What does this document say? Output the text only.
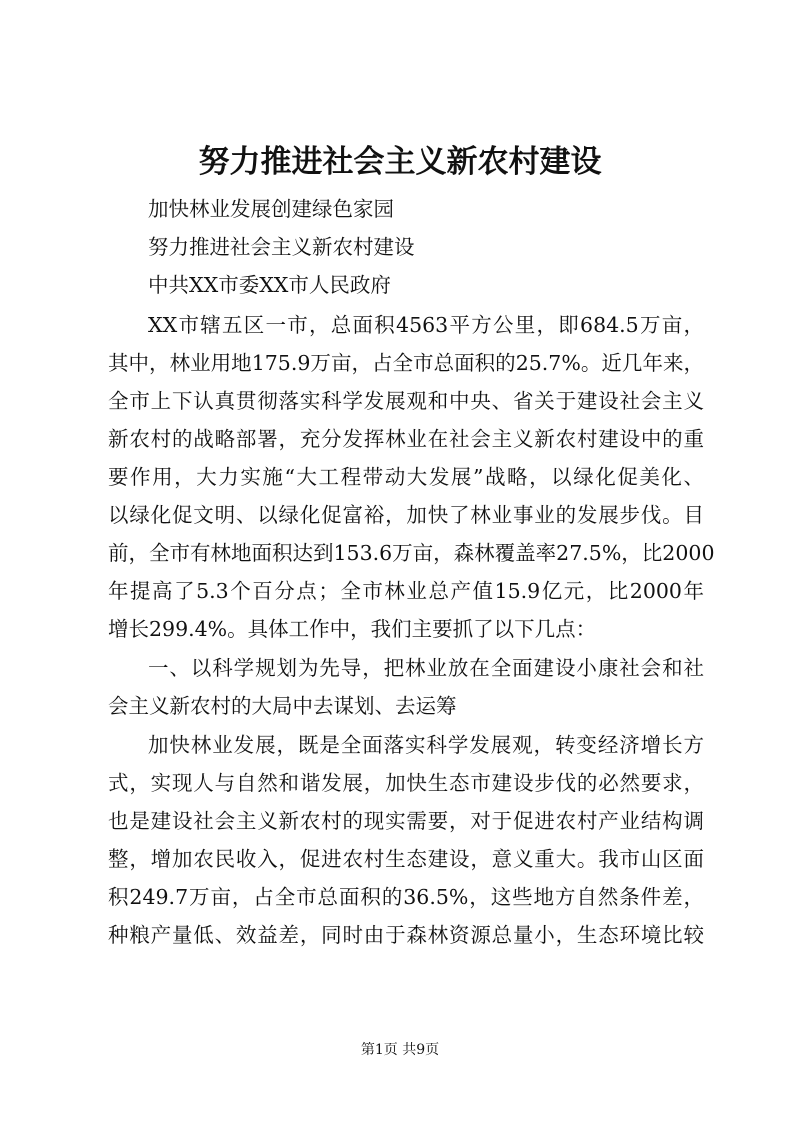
努力推进社会主义新农村建设

加快林业发展创建绿色家园

努力推进社会主义新农村建设

中共XX市委XX市人民政府

XX市辖五区一市，总面积4563平方公里，即684.5万亩，

其中，林业用地175.9万亩，占全市总面积的25.7%。近几年来，

全市上下认真贯彻落实科学发展观和中央、省关于建设社会主义

新农村的战略部署，充分发挥林业在社会主义新农村建设中的重

要作用，大力实施“大工程带动大发展”战略，以绿化促美化、

以绿化促文明、以绿化促富裕，加快了林业事业的发展步伐。目

前，全市有林地面积达到153.6万亩，森林覆盖率27.5%，比2000

年提高了5.3个百分点；全市林业总产值15.9亿元，比2000年

增长299.4%。具体工作中，我们主要抓了以下几点：

一、以科学规划为先导，把林业放在全面建设小康社会和社

会主义新农村的大局中去谋划、去运筹

加快林业发展，既是全面落实科学发展观，转变经济增长方

式，实现人与自然和谐发展，加快生态市建设步伐的必然要求，

也是建设社会主义新农村的现实需要，对于促进农村产业结构调

整，增加农民收入，促进农村生态建设，意义重大。我市山区面

积249.7万亩，占全市总面积的36.5%，这些地方自然条件差，

种粮产量低、效益差，同时由于森林资源总量小，生态环境比较

第1页 共9页
